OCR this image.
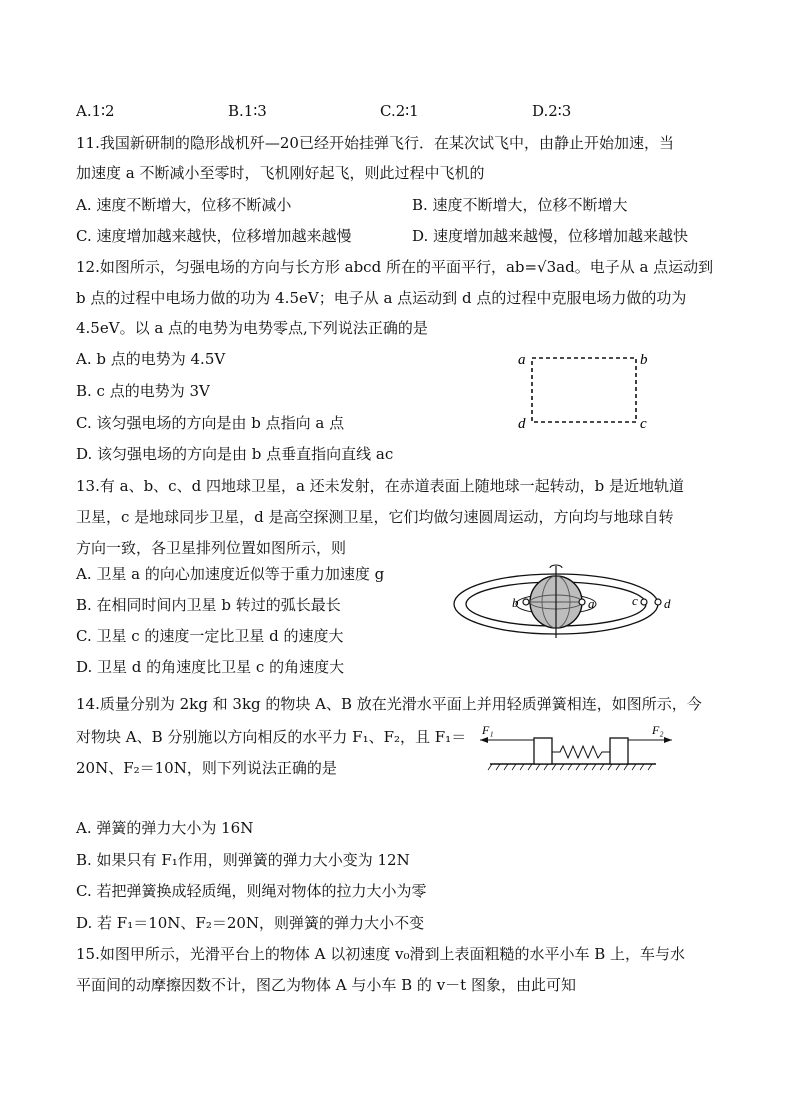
A.1∶2	B.1∶3	C.2∶1	D.2∶3
11.我国新研制的隐形战机歼—20已经开始挂弹飞行．在某次试飞中，由静止开始加速，当
加速度 a 不断减小至零时，飞机刚好起飞，则此过程中飞机的
A. 速度不断增大，位移不断减小	B. 速度不断增大，位移不断增大
C. 速度增加越来越快，位移增加越来越慢	D. 速度增加越来越慢，位移增加越来越快
12.如图所示，匀强电场的方向与长方形 abcd 所在的平面平行，ab=√3ad。电子从 a 点运动到
b 点的过程中电场力做的功为 4.5eV；电子从 a 点运动到 d 点的过程中克服电场力做的功为
4.5eV。以 a 点的电势为电势零点,下列说法正确的是
A. b 点的电势为 4.5V
B. c 点的电势为 3V
C. 该匀强电场的方向是由 b 点指向 a 点
D. 该匀强电场的方向是由 b 点垂直指向直线 ac
a	b
c
d
13.有 a、b、c、d 四地球卫星，a 还未发射，在赤道表面上随地球一起转动，b 是近地轨道
卫星，c 是地球同步卫星，d 是高空探测卫星，它们均做匀速圆周运动，方向均与地球自转
方向一致，各卫星排列位置如图所示，则
A. 卫星 a 的向心加速度近似等于重力加速度 g
B. 在相同时间内卫星 b 转过的弧长最长
C. 卫星 c 的速度一定比卫星 d 的速度大
D. 卫星 d 的角速度比卫星 c 的角速度大
b	a	c d
14.质量分别为 2kg 和 3kg 的物块 A、B 放在光滑水平面上并用轻质弹簧相连，如图所示，今
对物块 A、B 分别施以方向相反的水平力 F₁、F₂，且 F₁＝
20N、F₂＝10N，则下列说法正确的是
A. 弹簧的弹力大小为 16N
B. 如果只有 F₁作用，则弹簧的弹力大小变为 12N
C. 若把弹簧换成轻质绳，则绳对物体的拉力大小为零
D. 若 F₁＝10N、F₂＝20N，则弹簧的弹力大小不变
F₁	F₂
15.如图甲所示，光滑平台上的物体 A 以初速度 v₀滑到上表面粗糙的水平小车 B 上，车与水
平面间的动摩擦因数不计，图乙为物体 A 与小车 B 的 v－t 图象，由此可知
